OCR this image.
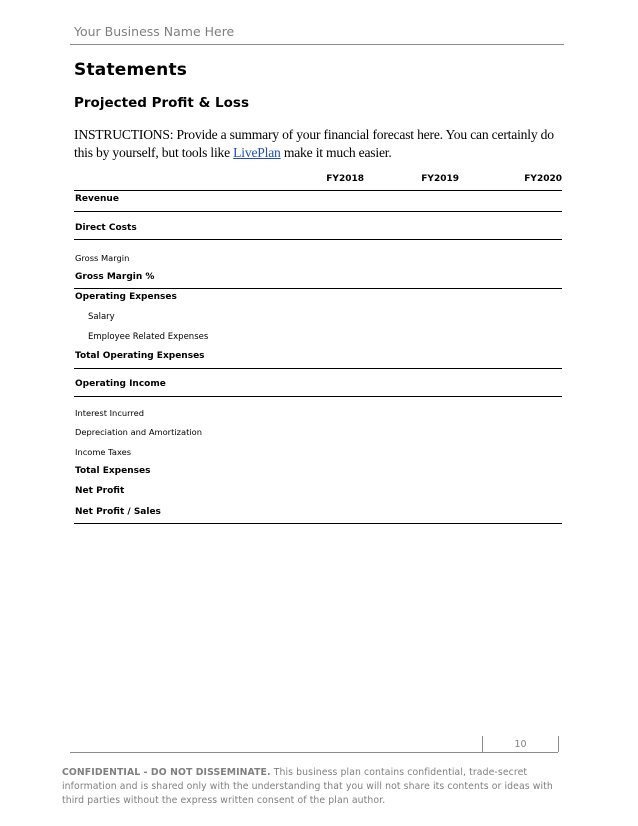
Your Business Name Here
Statements
Projected Profit & Loss
INSTRUCTIONS: Provide a summary of your financial forecast here. You can certainly do this by yourself, but tools like LivePlan make it much easier.
FY2018	FY2019	FY2020
Revenue
Direct Costs
Gross Margin
Gross Margin %
Operating Expenses
Salary
Employee Related Expenses
Total Operating Expenses
Operating Income
Interest Incurred
Depreciation and Amortization
Income Taxes
Total Expenses
Net Profit
Net Profit / Sales
10
CONFIDENTIAL - DO NOT DISSEMINATE. This business plan contains confidential, trade-secret information and is shared only with the understanding that you will not share its contents or ideas with third parties without the express written consent of the plan author.
